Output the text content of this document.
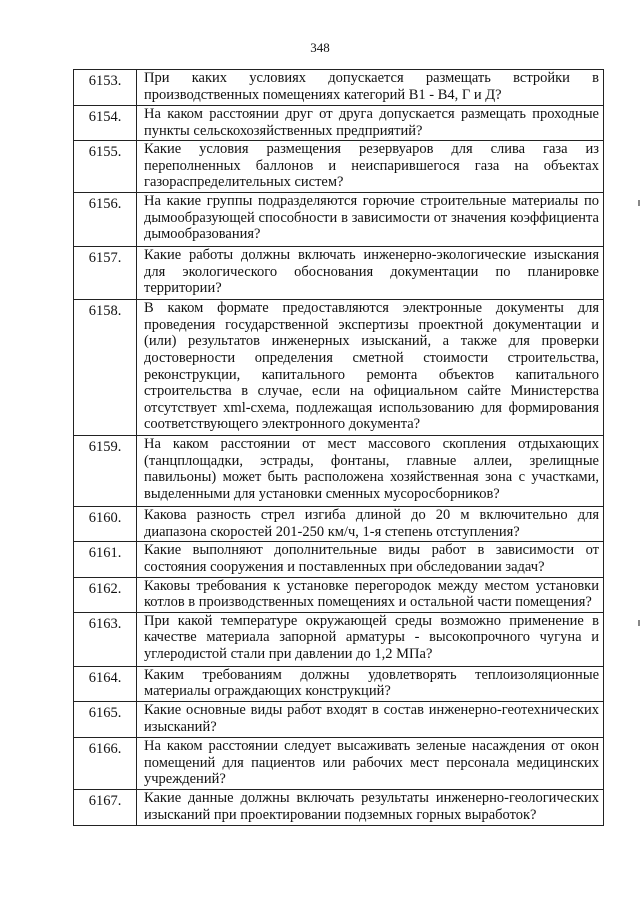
348
6153.	При каких условиях допускается размещать встройки в производственных помещениях категорий В1 - В4, Г и Д?
6154.	На каком расстоянии друг от друга допускается размещать проходные пункты сельскохозяйственных предприятий?
6155.	Какие условия размещения резервуаров для слива газа из переполненных баллонов и неиспарившегося газа на объектах газораспределительных систем?
6156.	На какие группы подразделяются горючие строительные материалы по дымообразующей способности в зависимости от значения коэффициента дымообразования?
6157.	Какие работы должны включать инженерно-экологические изыскания для экологического обоснования документации по планировке территории?
6158.	В каком формате предоставляются электронные документы для проведения государственной экспертизы проектной документации и (или) результатов инженерных изысканий, а также для проверки достоверности определения сметной стоимости строительства, реконструкции, капитального ремонта объектов капитального строительства в случае, если на официальном сайте Министерства отсутствует xml-схема, подлежащая использованию для формирования соответствующего электронного документа?
6159.	На каком расстоянии от мест массового скопления отдыхающих (танцплощадки, эстрады, фонтаны, главные аллеи, зрелищные павильоны) может быть расположена хозяйственная зона с участками, выделенными для установки сменных мусоросборников?
6160.	Какова разность стрел изгиба длиной до 20 м включительно для диапазона скоростей 201-250 км/ч, 1-я степень отступления?
6161.	Какие выполняют дополнительные виды работ в зависимости от состояния сооружения и поставленных при обследовании задач?
6162.	Каковы требования к установке перегородок между местом установки котлов в производственных помещениях и остальной части помещения?
6163.	При какой температуре окружающей среды возможно применение в качестве материала запорной арматуры - высокопрочного чугуна и углеродистой стали при давлении до 1,2 МПа?
6164.	Каким требованиям должны удовлетворять теплоизоляционные материалы ограждающих конструкций?
6165.	Какие основные виды работ входят в состав инженерно-геотехнических изысканий?
6166.	На каком расстоянии следует высаживать зеленые насаждения от окон помещений для пациентов или рабочих мест персонала медицинских учреждений?
6167.	Какие данные должны включать результаты инженерно-геологических изысканий при проектировании подземных горных выработок?
